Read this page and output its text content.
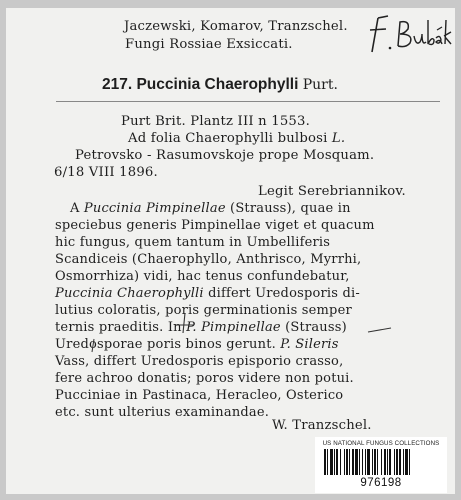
Jaczewski, Komarov, Tranzschel.
Fungi Rossiae Exsiccati.
217. Puccinia Chaerophylli Purt.
Purt Brit. Plantz III n 1553.
Ad folia Chaerophylli bulbosi L.
Petrovsko - Rasumovskoje prope Mosquam.
6/18 VIII 1896.
Legit Serebriannikov.
A Puccinia Pimpinellae (Strauss), quae in
speciebus generis Pimpinellae viget et quacum
hic fungus, quem tantum in Umbelliferis
Scandiceis (Chaerophyllo, Anthrisco, Myrrhi,
Osmorrhiza) vidi, hac tenus confundebatur,
Puccinia Chaerophylli differt Uredosporis di-
lutius coloratis, poris germinationis semper
ternis praeditis. In P. Pimpinellae (Strauss)
Uredosporae poris binos gerunt. P. Sileris
Vass, differt Uredosporis episporio crasso,
fere achroo donatis; poros videre non potui.
Pucciniae in Pastinaca, Heracleo, Osterico
etc. sunt ulterius examinandae.
W. Tranzschel.
US NATIONAL FUNGUS COLLECTIONS
976198
